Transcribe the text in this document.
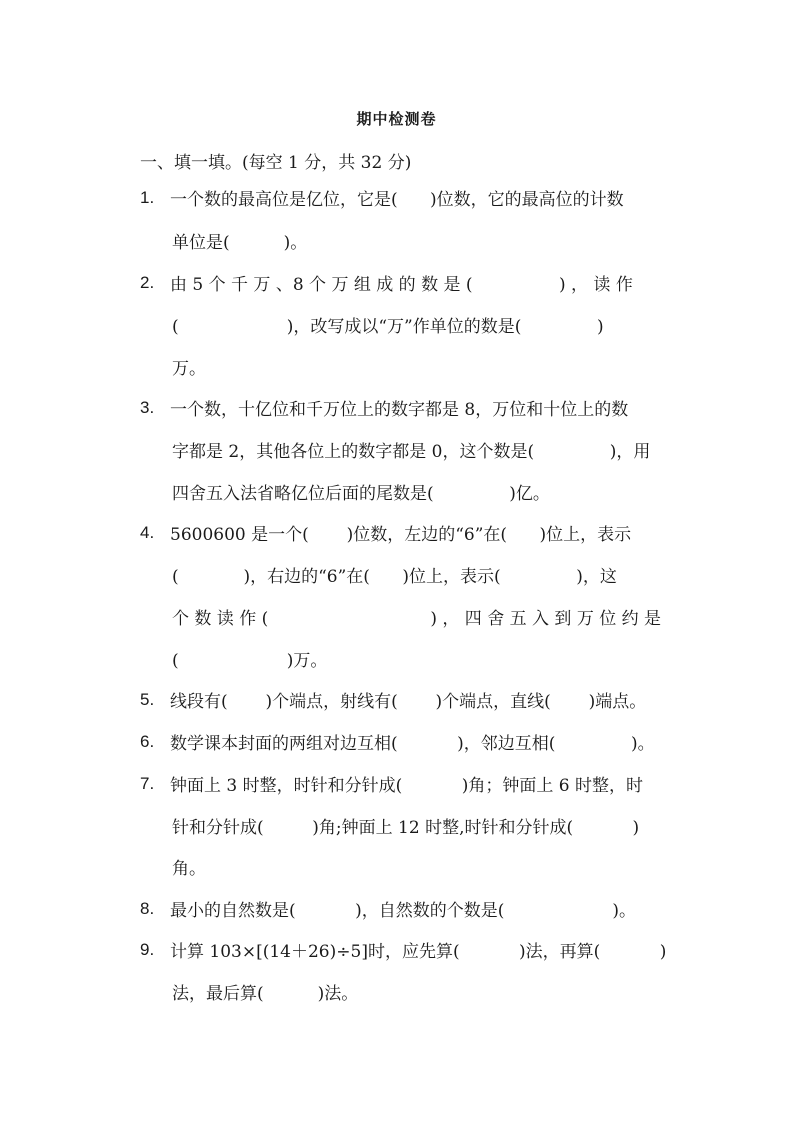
期中检测卷
一、填一填。(每空 1 分，共 32 分)
1. 一个数的最高位是亿位，它是(      )位数，它的最高位的计数
单位是(          )。
2. 由 5 个 千 万 、8 个 万 组 成 的 数 是 (                ) ， 读 作
(                    )，改写成以“万”作单位的数是(              )
万。
3. 一个数，十亿位和千万位上的数字都是 8，万位和十位上的数
字都是 2，其他各位上的数字都是 0，这个数是(              )，用
四舍五入法省略亿位后面的尾数是(              )亿。
4. 5600600 是一个(       )位数，左边的“6”在(      )位上，表示
(            )，右边的“6”在(      )位上，表示(              )，这
个 数 读 作 (                              ) ， 四 舍 五 入 到 万 位 约 是
(                    )万。
5. 线段有(       )个端点，射线有(       )个端点，直线(       )端点。
6. 数学课本封面的两组对边互相(           )，邻边互相(              )。
7. 钟面上 3 时整，时针和分针成(           )角；钟面上 6 时整，时
针和分针成(         )角;钟面上 12 时整,时针和分针成(           )
角。
8. 最小的自然数是(           )，自然数的个数是(                    )。
9. 计算 103×[(14＋26)÷5]时，应先算(           )法，再算(           )
法，最后算(          )法。
